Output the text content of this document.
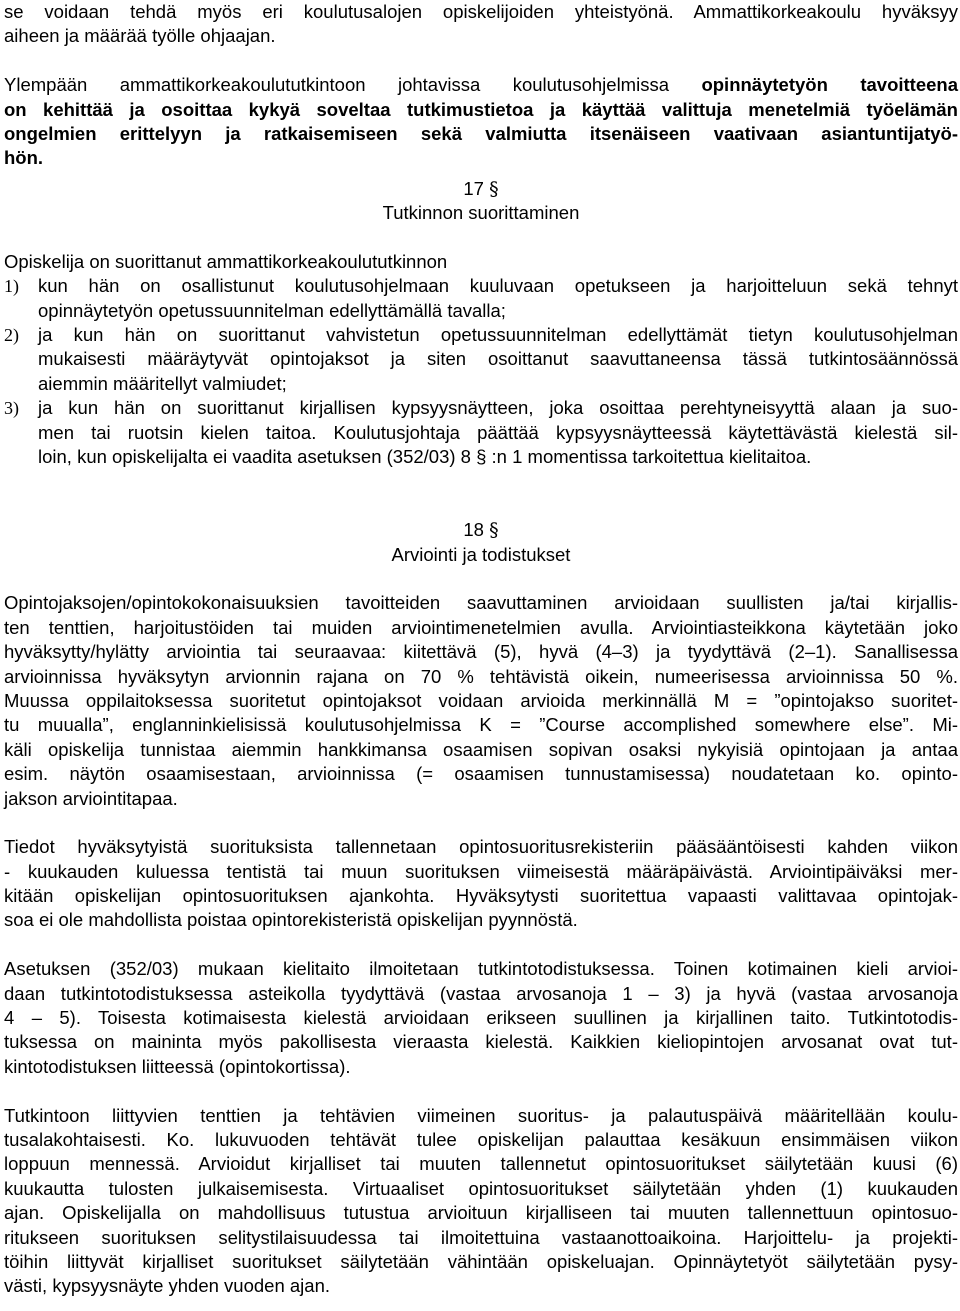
se voidaan tehdä myös eri koulutusalojen opiskelijoiden yhteistyönä. Ammattikorkeakoulu hyväksyy
aiheen ja määrää työlle ohjaajan.
Ylempään ammattikorkeakoulututkintoon johtavissa koulutusohjelmissa opinnäytetyön tavoitteena
on kehittää ja osoittaa kykyä soveltaa tutkimustietoa ja käyttää valittuja menetelmiä työelämän
ongelmien erittelyyn ja ratkaisemiseen sekä valmiutta itsenäiseen vaativaan asiantuntijatyö-
hön.
17 §
Tutkinnon suorittaminen
Opiskelija on suorittanut ammattikorkeakoulututkinnon
1) kun hän on osallistunut koulutusohjelmaan kuuluvaan opetukseen ja harjoitteluun sekä tehnyt
opinnäytetyön opetussuunnitelman edellyttämällä tavalla;
2) ja kun hän on suorittanut vahvistetun opetussuunnitelman edellyttämät tietyn koulutusohjelman
mukaisesti määräytyvät opintojaksot ja siten osoittanut saavuttaneensa tässä tutkintosäännössä
aiemmin määritellyt valmiudet;
3) ja kun hän on suorittanut kirjallisen kypsyysnäytteen, joka osoittaa perehtyneisyyttä alaan ja suo-
men tai ruotsin kielen taitoa. Koulutusjohtaja päättää kypsyysnäytteessä käytettävästä kielestä sil-
loin, kun opiskelijalta ei vaadita asetuksen (352/03) 8 § :n 1 momentissa tarkoitettua kielitaitoa.
18 §
Arviointi ja todistukset
Opintojaksojen/opintokokonaisuuksien tavoitteiden saavuttaminen arvioidaan suullisten ja/tai kirjallis-
ten tenttien, harjoitustöiden tai muiden arviointimenetelmien avulla. Arviointiasteikkona käytetään joko
hyväksytty/hylätty arviointia tai seuraavaa: kiitettävä (5), hyvä (4–3) ja tyydyttävä (2–1). Sanallisessa
arvioinnissa hyväksytyn arvionnin rajana on 70 % tehtävistä oikein, numeerisessa arvioinnissa 50 %.
Muussa oppilaitoksessa suoritetut opintojaksot voidaan arvioida merkinnällä M = ”opintojakso suoritet-
tu muualla”, englanninkielisissä koulutusohjelmissa K = ”Course accomplished somewhere else”. Mi-
käli opiskelija tunnistaa aiemmin hankkimansa osaamisen sopivan osaksi nykyisiä opintojaan ja antaa
esim. näytön osaamisestaan, arvioinnissa (= osaamisen tunnustamisessa) noudatetaan ko. opinto-
jakson arviointitapaa.
Tiedot hyväksytyistä suorituksista tallennetaan opintosuoritusrekisteriin pääsääntöisesti kahden viikon
- kuukauden kuluessa tentistä tai muun suorituksen viimeisestä määräpäivästä. Arviointipäiväksi mer-
kitään opiskelijan opintosuorituksen ajankohta. Hyväksytysti suoritettua vapaasti valittavaa opintojak-
soa ei ole mahdollista poistaa opintorekisteristä opiskelijan pyynnöstä.
Asetuksen (352/03) mukaan kielitaito ilmoitetaan tutkintotodistuksessa. Toinen kotimainen kieli arvioi-
daan tutkintotodistuksessa asteikolla tyydyttävä (vastaa arvosanoja 1 – 3) ja hyvä (vastaa arvosanoja
4 – 5). Toisesta kotimaisesta kielestä arvioidaan erikseen suullinen ja kirjallinen taito. Tutkintotodis-
tuksessa on maininta myös pakollisesta vieraasta kielestä. Kaikkien kieliopintojen arvosanat ovat tut-
kintotodistuksen liitteessä (opintokortissa).
Tutkintoon liittyvien tenttien ja tehtävien viimeinen suoritus- ja palautuspäivä määritellään koulu-
tusalakohtaisesti. Ko. lukuvuoden tehtävät tulee opiskelijan palauttaa kesäkuun ensimmäisen viikon
loppuun mennessä. Arvioidut kirjalliset tai muuten tallennetut opintosuoritukset säilytetään kuusi (6)
kuukautta tulosten julkaisemisesta. Virtuaaliset opintosuoritukset säilytetään yhden (1) kuukauden
ajan. Opiskelijalla on mahdollisuus tutustua arvioituun kirjalliseen tai muuten tallennettuun opintosuo-
ritukseen suorituksen selitystilaisuudessa tai ilmoitettuina vastaanottoaikoina. Harjoittelu- ja projekti-
töihin liittyvät kirjalliset suoritukset säilytetään vähintään opiskeluajan. Opinnäytetyöt säilytetään pysy-
västi, kypsyysnäyte yhden vuoden ajan.
